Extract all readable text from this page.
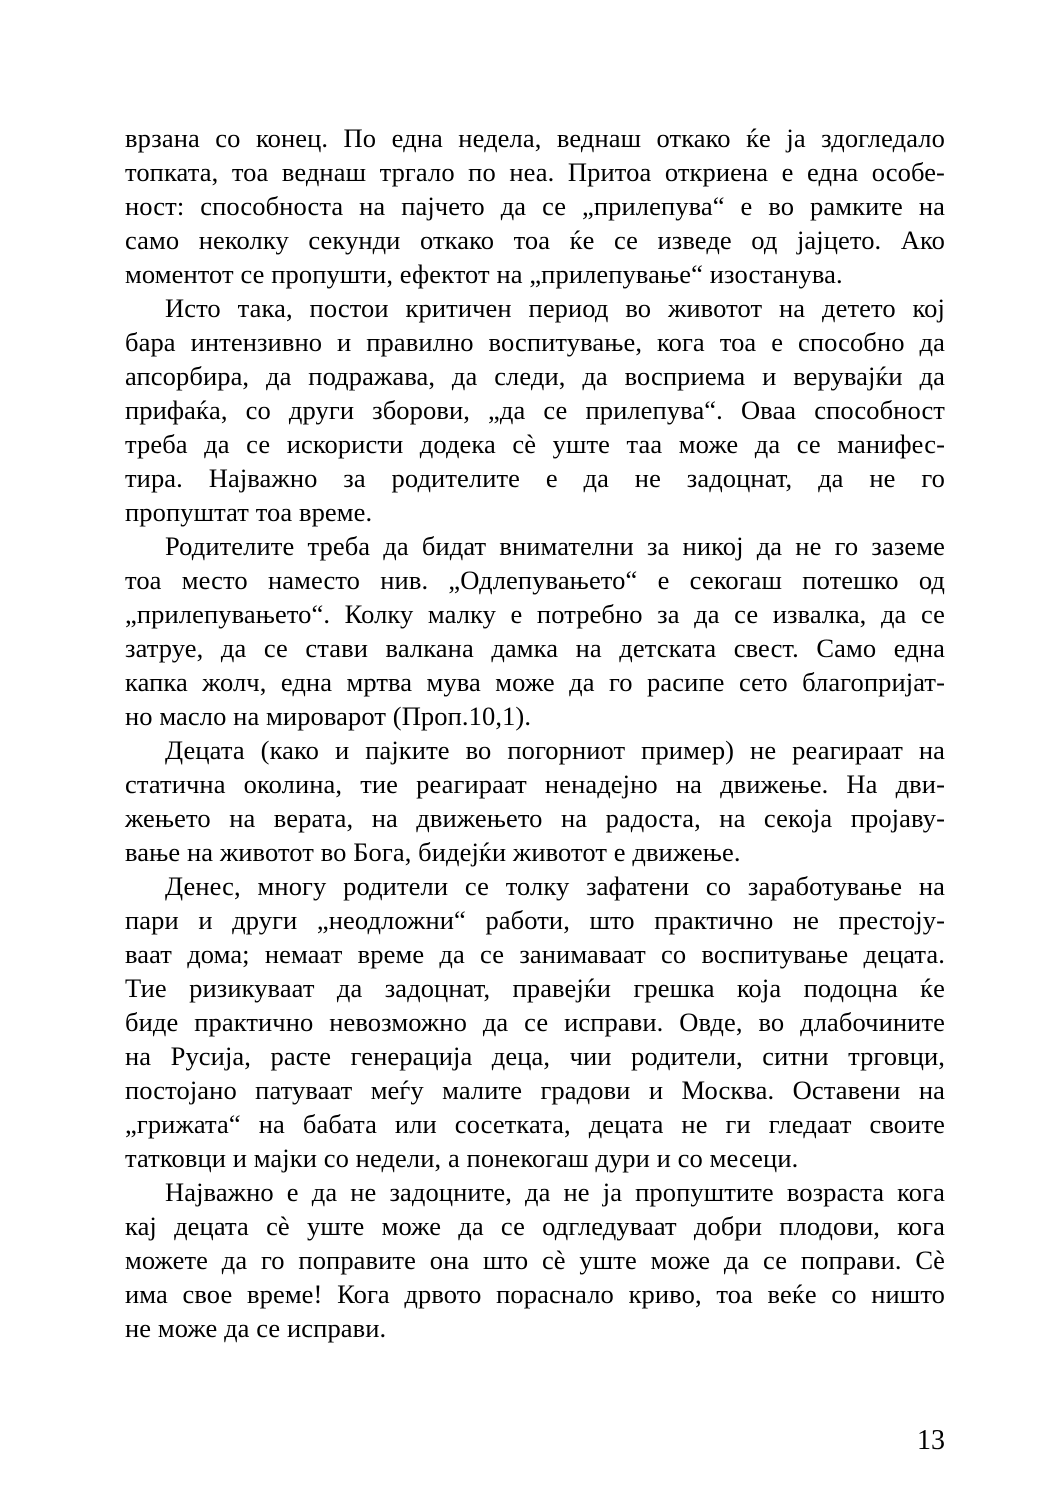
врзана со конец. По една недела, веднаш откако ќе ја здогледало
топката, тоа веднаш тргало по неа. Притоа откриена е една особе-
ност: способноста на пајчето да се „прилепува“ е во рамките на
само неколку секунди откако тоа ќе се изведе од јајцето. Ако
моментот се пропушти, ефектот на „прилепување“ изостанува.
Исто така, постои критичен период во животот на детето кој
бара интензивно и правилно воспитување, кога тоа е способно да
апсорбира, да подражава, да следи, да восприема и верувајќи да
прифаќа, со други зборови, „да се прилепува“. Оваа способност
треба да се искористи додека сѐ уште таа може да се манифес-
тира. Најважно за родителите е да не задоцнат, да не го
пропуштат тоа време.
Родителите треба да бидат внимателни за никој да не го заземе
тоа место наместо нив. „Одлепувањето“ е секогаш потешко од
„прилепувањето“. Колку малку е потребно за да се извалка, да се
затруе, да се стави валкана дамка на детската свест. Само една
капка жолч, една мртва мува може да го расипе сето благопријат-
но масло на мироварот (Проп.10,1).
Децата (како и пајките во погорниот пример) не реагираат на
статична околина, тие реагираат ненадејно на движење. На дви-
жењето на верата, на движењето на радоста, на секоја пројаву-
вање на животот во Бога, бидејќи животот е движење.
Денес, многу родители се толку зафатени со заработување на
пари и други „неодложни“ работи, што практично не престоју-
ваат дома; немаат време да се занимаваат со воспитување децата.
Тие ризикуваат да задоцнат, правејќи грешка која подоцна ќе
биде практично невозможно да се исправи. Овде, во длабочините
на Русија, расте генерација деца, чии родители, ситни трговци,
постојано патуваат меѓу малите градови и Москва. Оставени на
„грижата“ на бабата или сосетката, децата не ги гледаат своите
татковци и мајки со недели, а понекогаш дури и со месеци.
Најважно е да не задоцните, да не ја пропуштите возраста кога
кај децата сѐ уште може да се одгледуваат добри плодови, кога
можете да го поправите она што сѐ уште може да се поправи. Сѐ
има свое време! Кога дрвото пораснало криво, тоа веќе со ништо
не може да се исправи.
13
